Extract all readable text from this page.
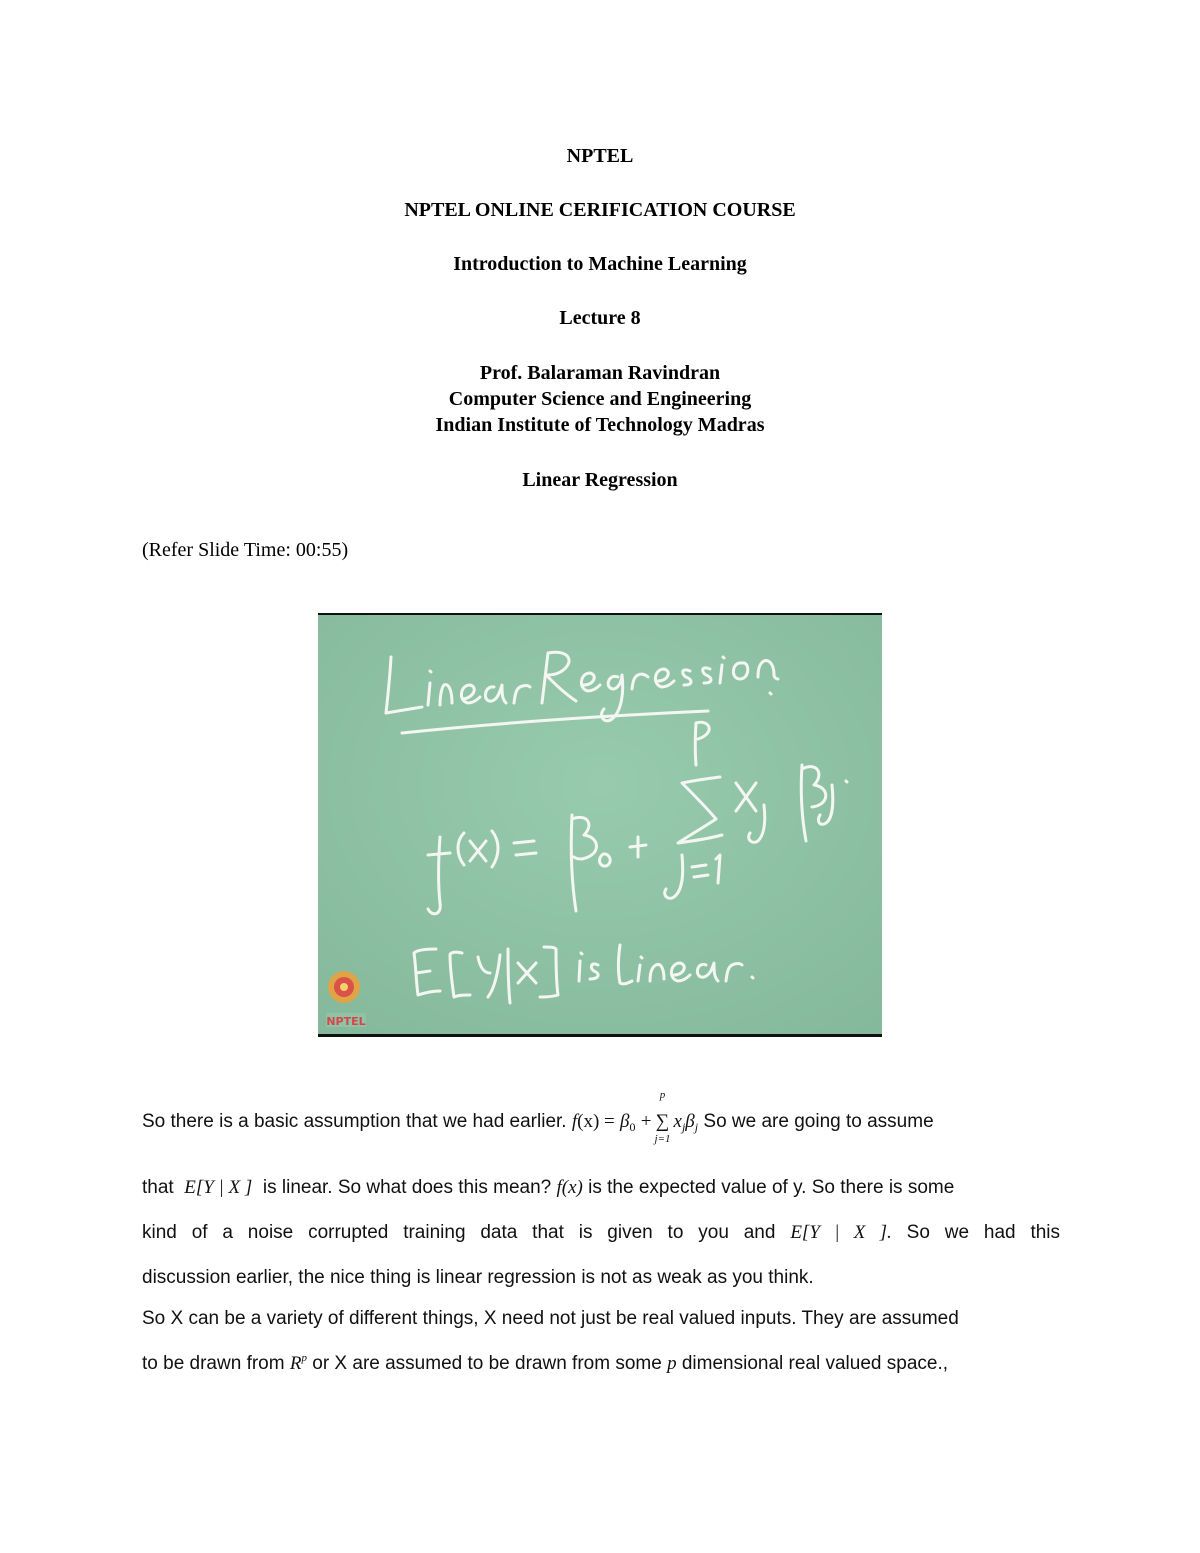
NPTEL
NPTEL ONLINE CERIFICATION COURSE
Introduction to Machine Learning
Lecture 8
Prof. Balaraman Ravindran
Computer Science and Engineering
Indian Institute of Technology Madras
Linear Regression
(Refer Slide Time: 00:55)
NPTEL
So there is a basic assumption that we had earlier. $f(x) = \beta_0$ + ∑
p
j=1
$x_j\beta_j$ So we are going to assume
that E[Y | X ] is linear. So what does this mean? f(x) is the expected value of y. So there is some
kind of a noise corrupted training data that is given to you and E[Y | X ]. So we had this
discussion earlier, the nice thing is linear regression is not as weak as you think.
So X can be a variety of different things, X need not just be real valued inputs. They are assumed
to be drawn from $R^p$ or X are assumed to be drawn from some p dimensional real valued space.,
